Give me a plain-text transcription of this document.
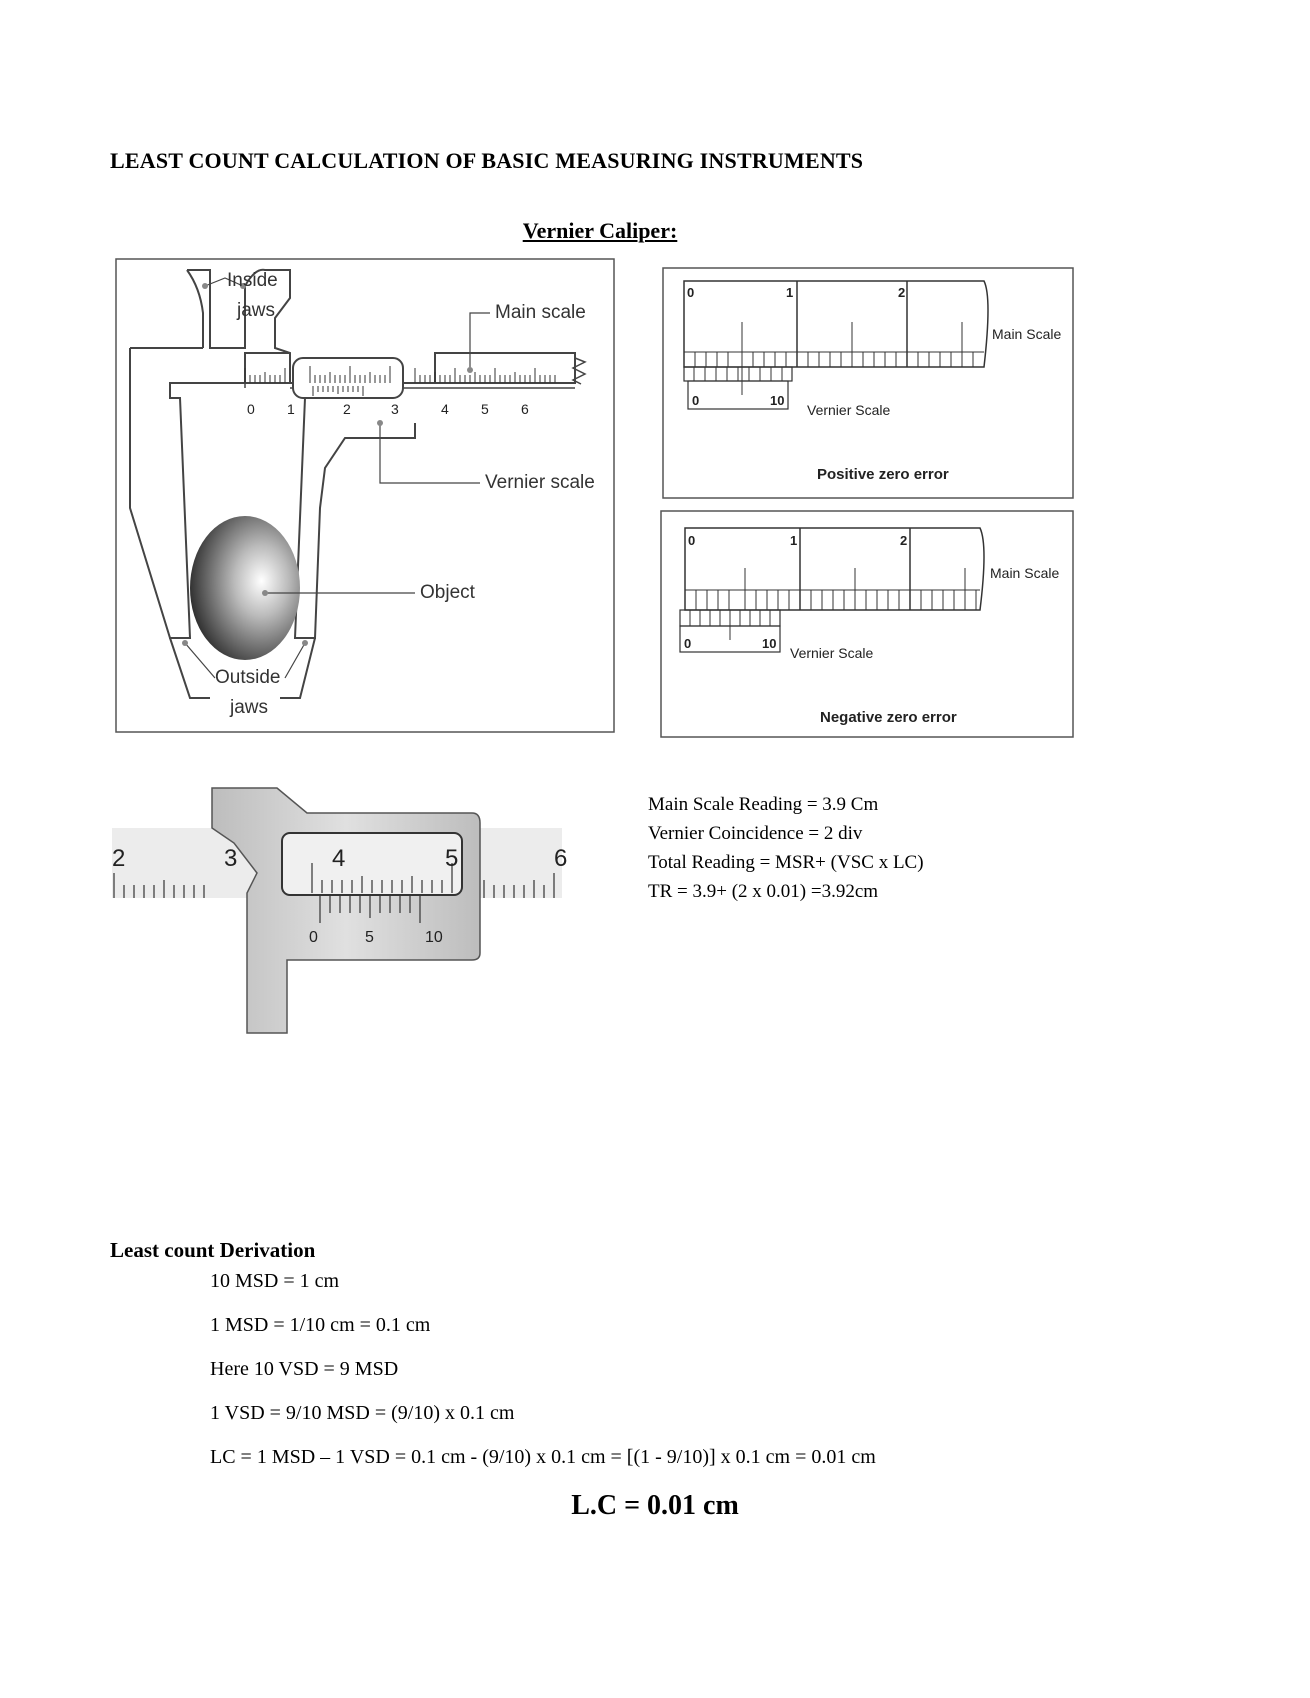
LEAST COUNT CALCULATION OF BASIC MEASURING INSTRUMENTS
Vernier Caliper:
0 1	2	3	4 5 6
Inside
jaws	Main scale
Vernier scale
Object
Outside
jaws
0	1	2
0	10
Main Scale
Vernier Scale
Positive zero error
0	1	2
0	10
Main Scale
Vernier Scale
Negative zero error
2	3	4	5	6
0	5	10
Main Scale Reading = 3.9 Cm
Vernier Coincidence = 2 div
Total Reading = MSR+ (VSC x LC)
TR = 3.9+ (2 x 0.01) =3.92cm
Least count Derivation
10 MSD = 1 cm
1 MSD = 1/10 cm = 0.1 cm
Here 10 VSD = 9 MSD
1 VSD = 9/10 MSD = (9/10) x 0.1 cm
LC = 1 MSD – 1 VSD = 0.1 cm - (9/10) x 0.1 cm = [(1 - 9/10)] x 0.1 cm = 0.01 cm
L.C = 0.01 cm
